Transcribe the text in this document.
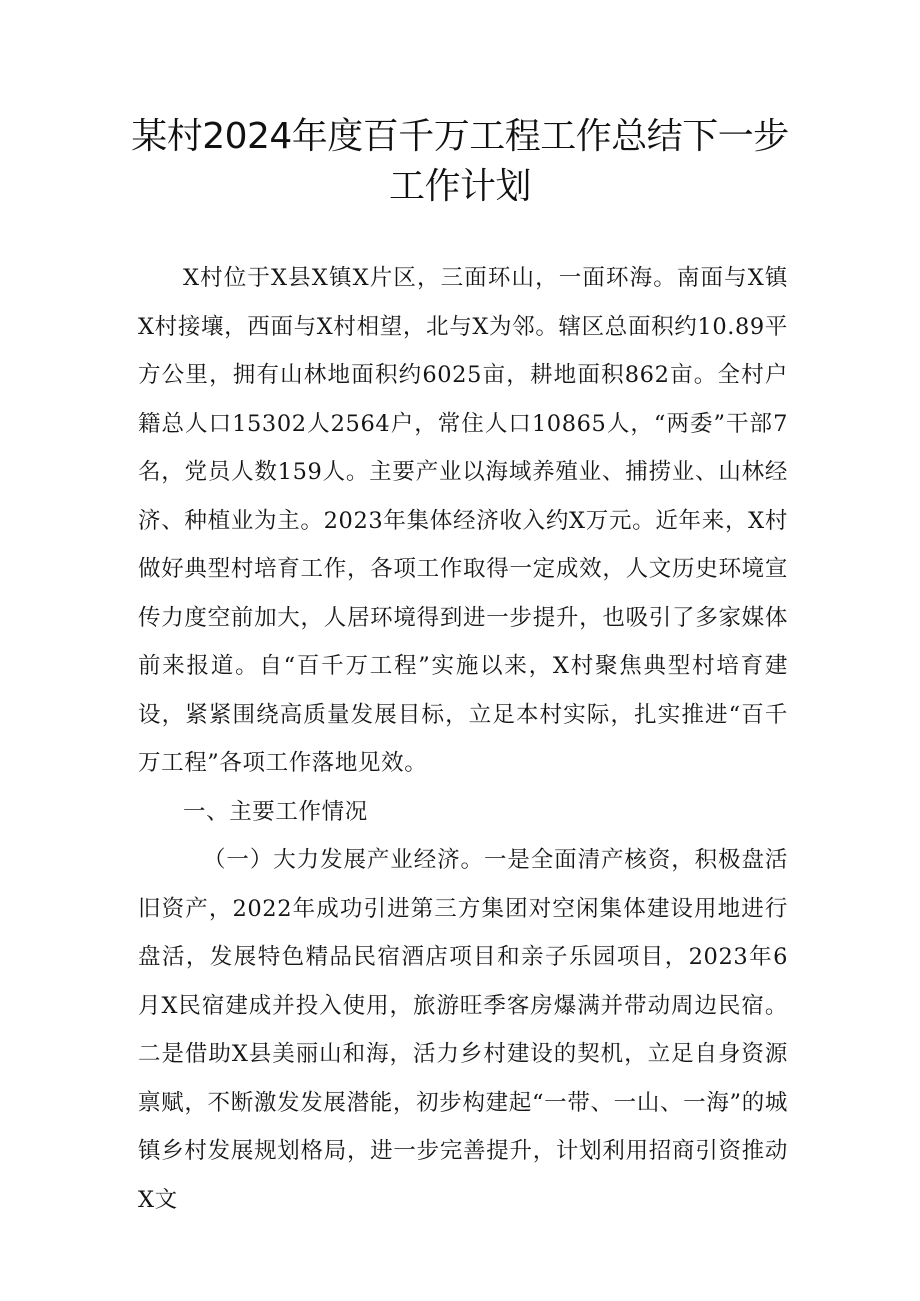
某村2024年度百千万工程工作总结下一步
工作计划

X村位于X县X镇X片区，三面环山，一面环海。南面与X镇X村接壤，西面与X村相望，北与X为邻。辖区总面积约10.89平方公里，拥有山林地面积约6025亩，耕地面积862亩。全村户籍总人口15302人2564户，常住人口10865人，“两委”干部7名，党员人数159人。主要产业以海域养殖业、捕捞业、山林经济、种植业为主。2023年集体经济收入约X万元。近年来，X村做好典型村培育工作，各项工作取得一定成效，人文历史环境宣传力度空前加大，人居环境得到进一步提升，也吸引了多家媒体前来报道。自“百千万工程”实施以来，X村聚焦典型村培育建设，紧紧围绕高质量发展目标，立足本村实际，扎实推进“百千万工程”各项工作落地见效。

一、主要工作情况

（一）大力发展产业经济。一是全面清产核资，积极盘活旧资产，2022年成功引进第三方集团对空闲集体建设用地进行盘活，发展特色精品民宿酒店项目和亲子乐园项目，2023年6月X民宿建成并投入使用，旅游旺季客房爆满并带动周边民宿。二是借助X县美丽山和海，活力乡村建设的契机，立足自身资源禀赋，不断激发发展潜能，初步构建起“一带、一山、一海”的城镇乡村发展规划格局，进一步完善提升，计划利用招商引资推动X文
